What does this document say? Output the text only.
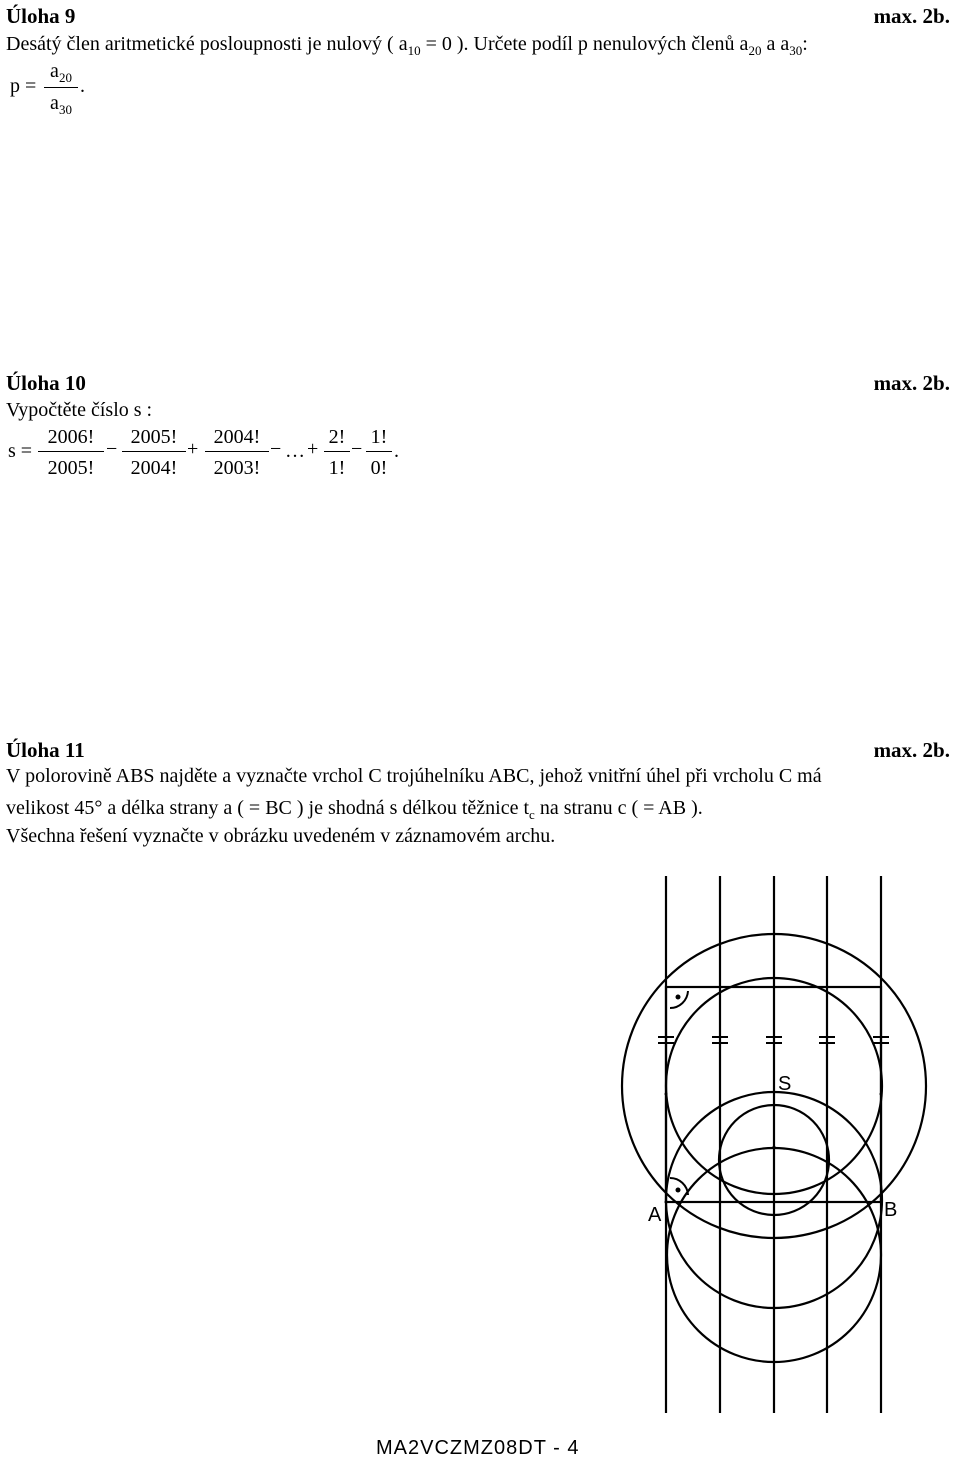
Úloha 9	max. 2b.
Desátý člen aritmetické posloupnosti je nulový ( $a_{10} = 0$ ). Určete podíl p nenulových členů $a_{20}$ a $a_{30}$:
p =
$a_{20}$
$a_{30}$
.
Úloha 10	max. 2b.
Vypočtěte číslo s :
s =
2006!
2005!
−
2005!
2004!
+
2004!
2003!
− … +
2!
1!
−
1!
0!
.
Úloha 11	max. 2b.
V polorovině ABS najděte a vyznačte vrchol C trojúhelníku ABC, jehož vnitřní úhel při vrcholu C má
velikost 45° a délka strany a ( = BC ) je shodná s délkou těžnice $t_c$ na stranu c ( = AB ).
Všechna řešení vyznačte v obrázku uvedeném v záznamovém archu.
S
A	B
MA2VCZMZ08DT - 4
